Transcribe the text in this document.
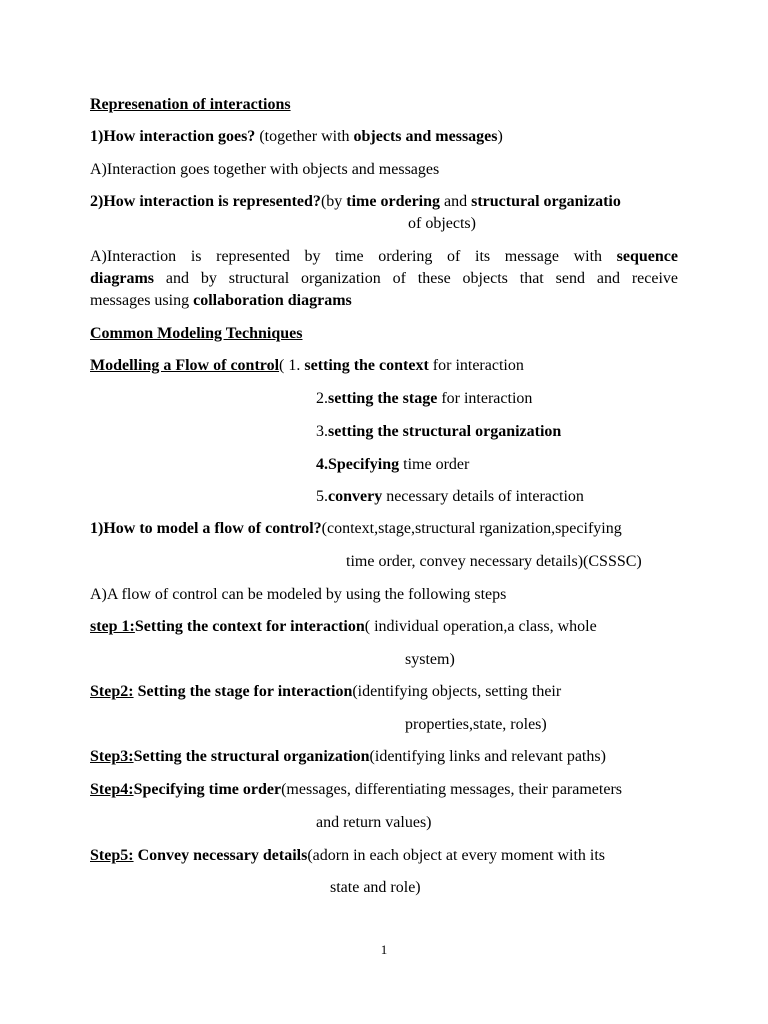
Represenation of interactions

1)How interaction goes? (together with objects and messages)

A)Interaction goes together with objects and messages

2)How interaction is represented?(by time ordering and structural organizatio

of objects)

A)Interaction is represented by time ordering of its message with sequence

diagrams and by structural organization of these objects that send and receive

messages using collaboration diagrams

Common Modeling Techniques

Modelling a Flow of control( 1. setting the context for interaction

2.setting the stage for interaction

3.setting the structural organization

4.Specifying time order

5.convery necessary details of interaction

1)How to model a flow of control?(context,stage,structural rganization,specifying

time order, convey necessary details)(CSSSC)

A)A flow of control can be modeled by using the following steps

step 1:Setting the context for interaction( individual operation,a class, whole

system)

Step2: Setting the stage for interaction(identifying objects, setting their

properties,state, roles)

Step3:Setting the structural organization(identifying links and relevant paths)

Step4:Specifying time order(messages, differentiating messages, their parameters

and return values)

Step5: Convey necessary details(adorn in each object at every moment with its

state and role)

1
